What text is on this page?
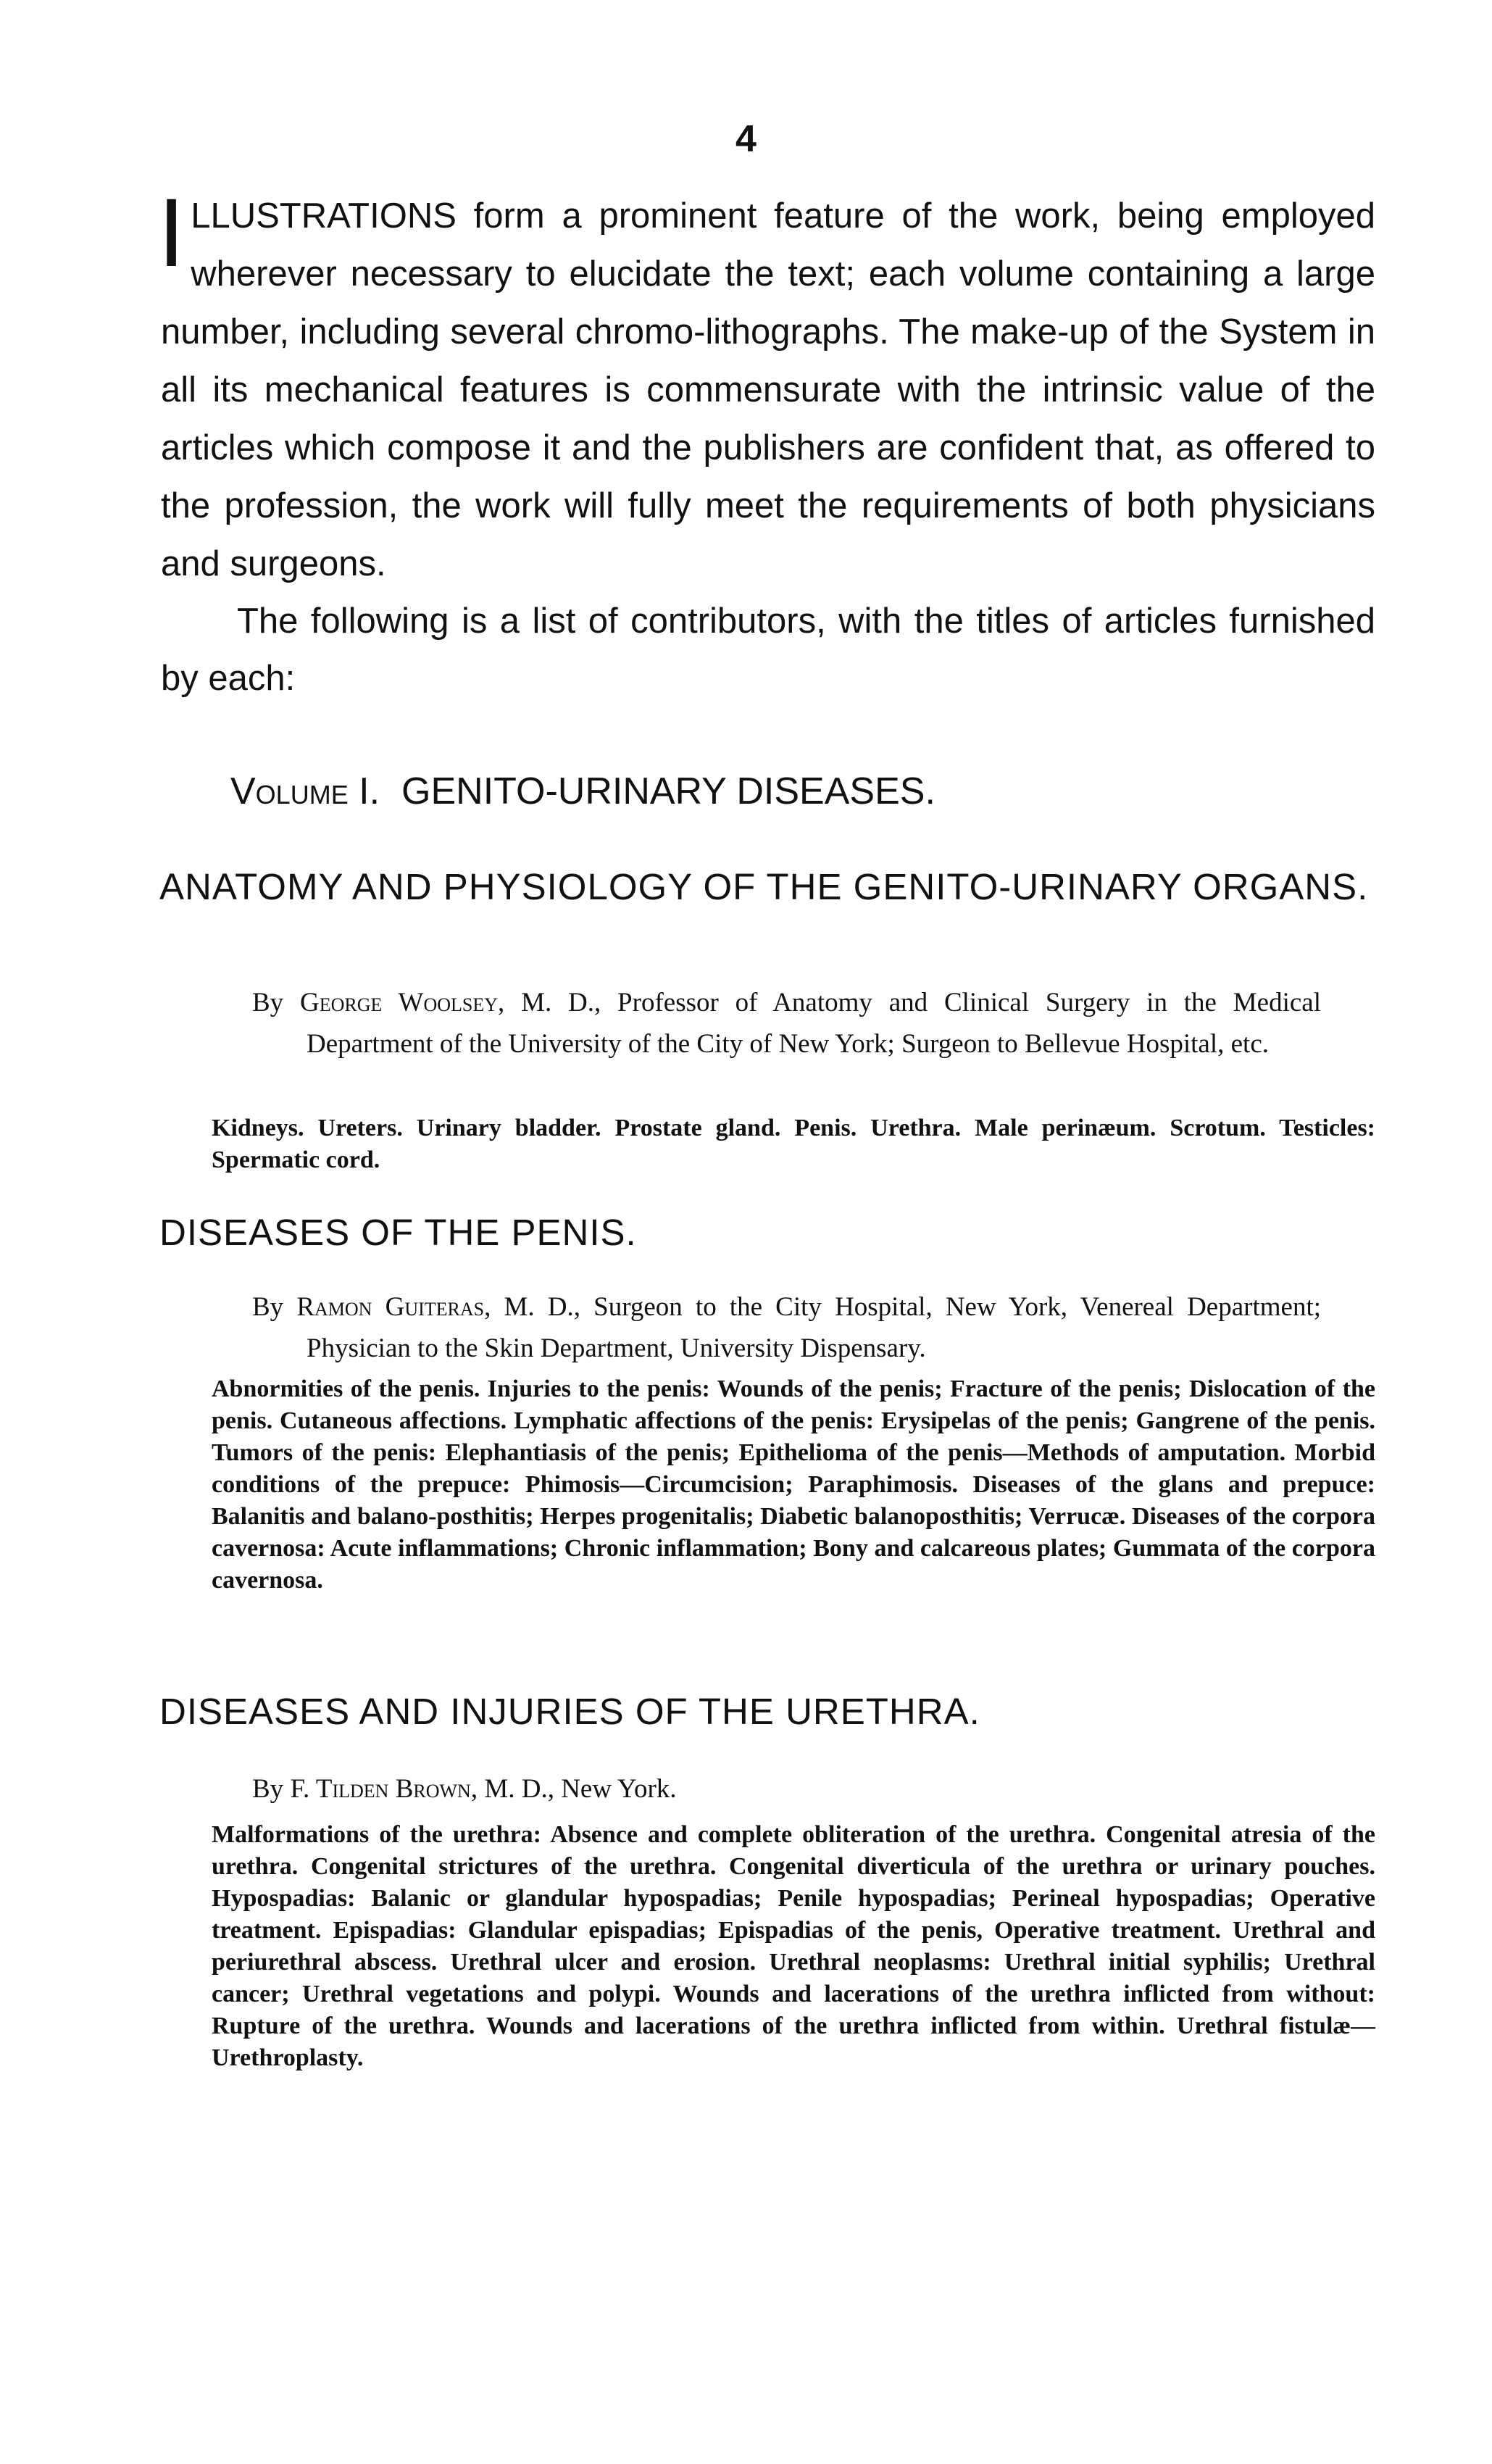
4

ILLUSTRATIONS form a prominent feature of the work, being employed wherever necessary to elucidate the text; each volume containing a large number, including several chromo-lithographs. The make-up of the System in all its mechanical features is commensurate with the intrinsic value of the articles which compose it and the publishers are confident that, as offered to the profession, the work will fully meet the requirements of both physicians and surgeons.

The following is a list of contributors, with the titles of articles furnished by each:

Volume I. GENITO-URINARY DISEASES.
ANATOMY AND PHYSIOLOGY OF THE GENITO-URINARY ORGANS.
By George Woolsey, M. D., Professor of Anatomy and Clinical Surgery in the Medical Department of the University of the City of New York; Surgeon to Bellevue Hospital, etc.
Kidneys. Ureters. Urinary bladder. Prostate gland. Penis. Urethra. Male perinæum. Scrotum. Testicles: Spermatic cord.
DISEASES OF THE PENIS.
By Ramon Guiteras, M. D., Surgeon to the City Hospital, New York, Venereal Department; Physician to the Skin Department, University Dispensary.
Abnormities of the penis. Injuries to the penis: Wounds of the penis; Fracture of the penis; Dislocation of the penis. Cutaneous affections. Lymphatic affections of the penis: Erysipelas of the penis; Gangrene of the penis. Tumors of the penis: Elephantiasis of the penis; Epithelioma of the penis—Methods of amputation. Morbid conditions of the prepuce: Phimosis—Circumcision; Paraphimosis. Diseases of the glans and prepuce: Balanitis and balano-posthitis; Herpes progenitalis; Diabetic balanoposthitis; Verrucæ. Diseases of the corpora cavernosa: Acute inflammations; Chronic inflammation; Bony and calcareous plates; Gummata of the corpora cavernosa.
DISEASES AND INJURIES OF THE URETHRA.
By F. Tilden Brown, M. D., New York.
Malformations of the urethra: Absence and complete obliteration of the urethra. Congenital atresia of the urethra. Congenital strictures of the urethra. Congenital diverticula of the urethra or urinary pouches. Hypospadias: Balanic or glandular hypospadias; Penile hypospadias; Perineal hypospadias; Operative treatment. Epispadias: Glandular epispadias; Epispadias of the penis, Operative treatment. Urethral and periurethral abscess. Urethral ulcer and erosion. Urethral neoplasms: Urethral initial syphilis; Urethral cancer; Urethral vegetations and polypi. Wounds and lacerations of the urethra inflicted from without: Rupture of the urethra. Wounds and lacerations of the urethra inflicted from within. Urethral fistulæ—Urethroplasty.
